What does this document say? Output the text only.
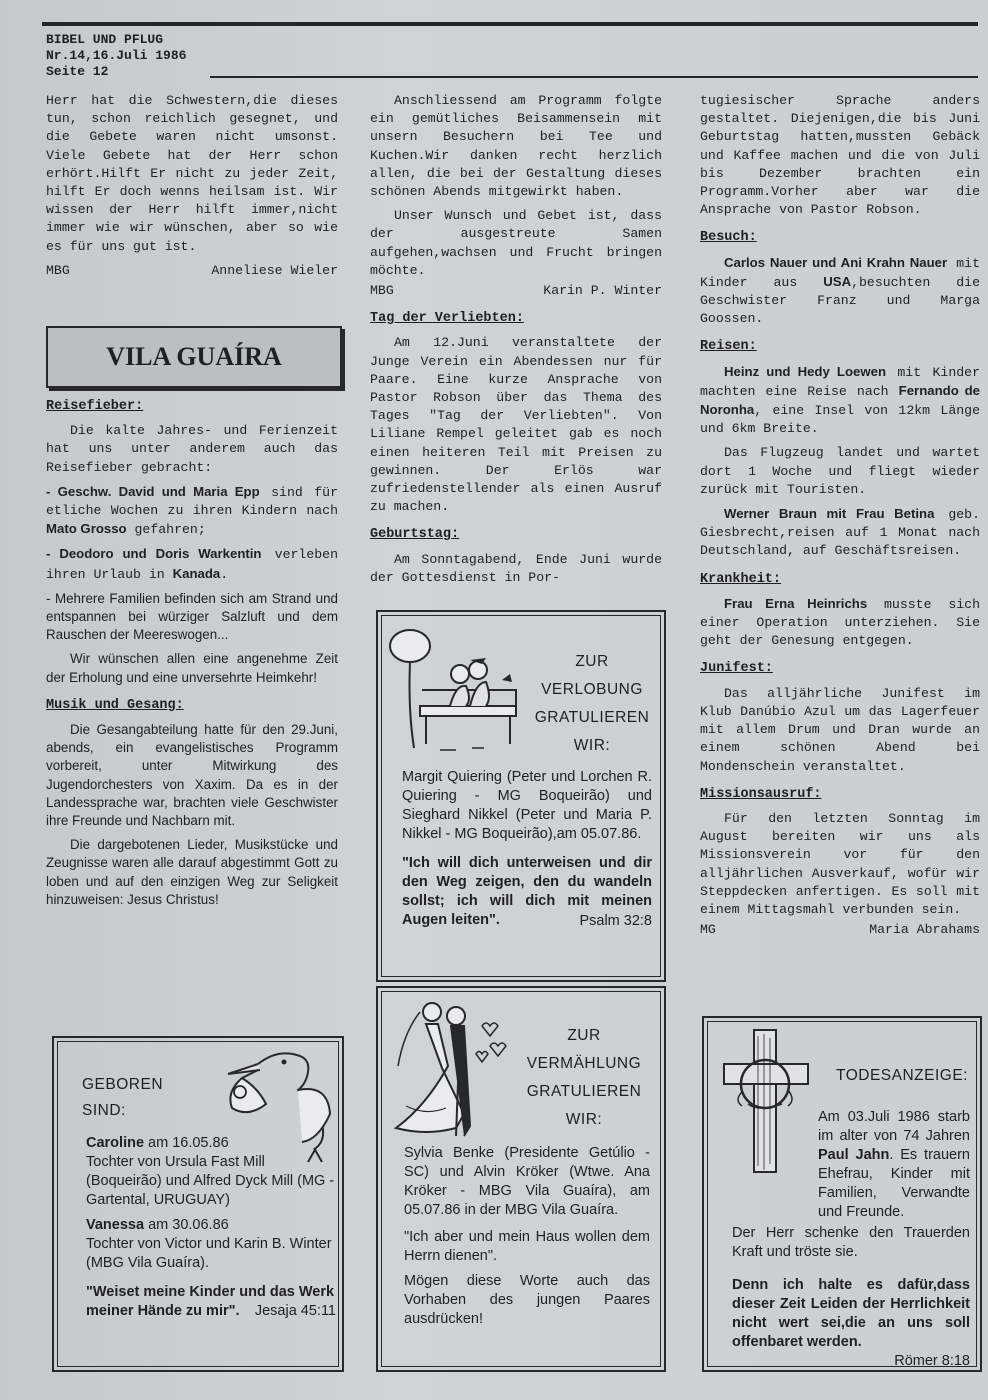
BIBEL UND PFLUG
Nr.14,16.Juli 1986
Seite 12

Herr hat die Schwestern,die dieses tun, schon reichlich gesegnet, und die Gebete waren nicht umsonst. Viele Gebete hat der Herr schon erhört.Hilft Er nicht zu jeder Zeit, hilft Er doch wenns heilsam ist. Wir wissen der Herr hilft immer,nicht immer wie wir wünschen, aber so wie es für uns gut ist.

MBG	Anneliese Wieler
VILA GUAÍRA
Reisefieber:

Die kalte Jahres- und Ferienzeit hat uns unter anderem auch das Reisefieber gebracht:

- Geschw. David und Maria Epp sind für etliche Wochen zu ihren Kindern nach Mato Grosso gefahren;

- Deodoro und Doris Warkentin verleben ihren Urlaub in Kanada.

- Mehrere Familien befinden sich am Strand und entspannen bei würziger Salzluft und dem Rauschen der Meereswogen...

Wir wünschen allen eine angenehme Zeit der Erholung und eine unversehrte Heimkehr!

Musik und Gesang:

Die Gesangabteilung hatte für den 29.Juni, abends, ein evangelistisches Programm vorbereit, unter Mitwirkung des Jugendorchesters von Xaxim. Da es in der Landessprache war, brachten viele Geschwister ihre Freunde und Nachbarn mit.

Die dargebotenen Lieder, Musikstücke und Zeugnisse waren alle darauf abgestimmt Gott zu loben und auf den einzigen Weg zur Seligkeit hinzuweisen: Jesus Christus!

GEBOREN
SIND:

Caroline am 16.05.86
Tochter von Ursula Fast Mill (Boqueirão) und Alfred Dyck Mill (MG - Gartental, URUGUAY)

Vanessa am 30.06.86
Tochter von Victor und Karin B. Winter (MBG Vila Guaíra).

"Weiset meine Kinder und das Werk meiner Hände zu mir". Jesaja 45:11

Anschliessend am Programm folgte ein gemütliches Beisammensein mit unsern Besuchern bei Tee und Kuchen.Wir danken recht herzlich allen, die bei der Gestaltung dieses schönen Abends mitgewirkt haben.

Unser Wunsch und Gebet ist, dass der ausgestreute Samen aufgehen,wachsen und Frucht bringen möchte.

MBG	Karin P. Winter
Tag der Verliebten:

Am 12.Juni veranstaltete der Junge Verein ein Abendessen nur für Paare. Eine kurze Ansprache von Pastor Robson über das Thema des Tages "Tag der Verliebten". Von Liliane Rempel geleitet gab es noch einen heiteren Teil mit Preisen zu gewinnen. Der Erlös war zufriedenstellender als einen Ausruf zu machen.

Geburtstag:

Am Sonntagabend, Ende Juni wurde der Gottesdienst in Por-

ZUR
VERLOBUNG
GRATULIEREN
WIR:

Margit Quiering (Peter und Lorchen R. Quiering - MG Boqueirão) und Sieghard Nikkel (Peter und Maria P. Nikkel - MG Boqueirão),am 05.07.86.

"Ich will dich unterweisen und dir den Weg zeigen, den du wandeln sollst; ich will dich mit meinen Augen leiten".	Psalm 32:8

ZUR
VERMÄHLUNG
GRATULIEREN
WIR:

Sylvia Benke (Presidente Getúlio - SC) und Alvin Kröker (Wtwe. Ana Kröker - MBG Vila Guaíra), am 05.07.86 in der MBG Vila Guaíra.

"Ich aber und mein Haus wollen dem Herrn dienen".

Mögen diese Worte auch das Vorhaben des jungen Paares ausdrücken!

tugiesischer Sprache anders gestaltet. Diejenigen,die bis Juni Geburtstag hatten,mussten Gebäck und Kaffee machen und die von Juli bis Dezember brachten ein Programm.Vorher aber war die Ansprache von Pastor Robson.

Besuch:

Carlos Nauer und Ani Krahn Nauer mit Kinder aus USA,besuchten die Geschwister Franz und Marga Goossen.

Reisen:

Heinz und Hedy Loewen mit Kinder machten eine Reise nach Fernando de Noronha, eine Insel von 12km Länge und 6km Breite.

Das Flugzeug landet und wartet dort 1 Woche und fliegt wieder zurück mit Touristen.

Werner Braun mit Frau Betina geb. Giesbrecht,reisen auf 1 Monat nach Deutschland, auf Geschäftsreisen.

Krankheit:

Frau Erna Heinrichs musste sich einer Operation unterziehen. Sie geht der Genesung entgegen.

Junifest:

Das alljährliche Junifest im Klub Danúbio Azul um das Lagerfeuer mit allem Drum und Dran wurde an einem schönen Abend bei Mondenschein veranstaltet.

Missionsausruf:

Für den letzten Sonntag im August bereiten wir uns als Missionsverein vor für den alljährlichen Ausverkauf, wofür wir Steppdecken anfertigen. Es soll mit einem Mittagsmahl verbunden sein.

MG	Maria Abrahams
TODESANZEIGE:

Am 03.Juli 1986 starb im alter von 74 Jahren Paul Jahn. Es trauern Ehefrau, Kinder mit Familien, Verwandte und Freunde.

Der Herr schenke den Trauerden Kraft und tröste sie.

Denn ich halte es dafür,dass dieser Zeit Leiden der Herrlichkeit nicht wert sei,die an uns soll offenbaret werden.

Römer 8:18
